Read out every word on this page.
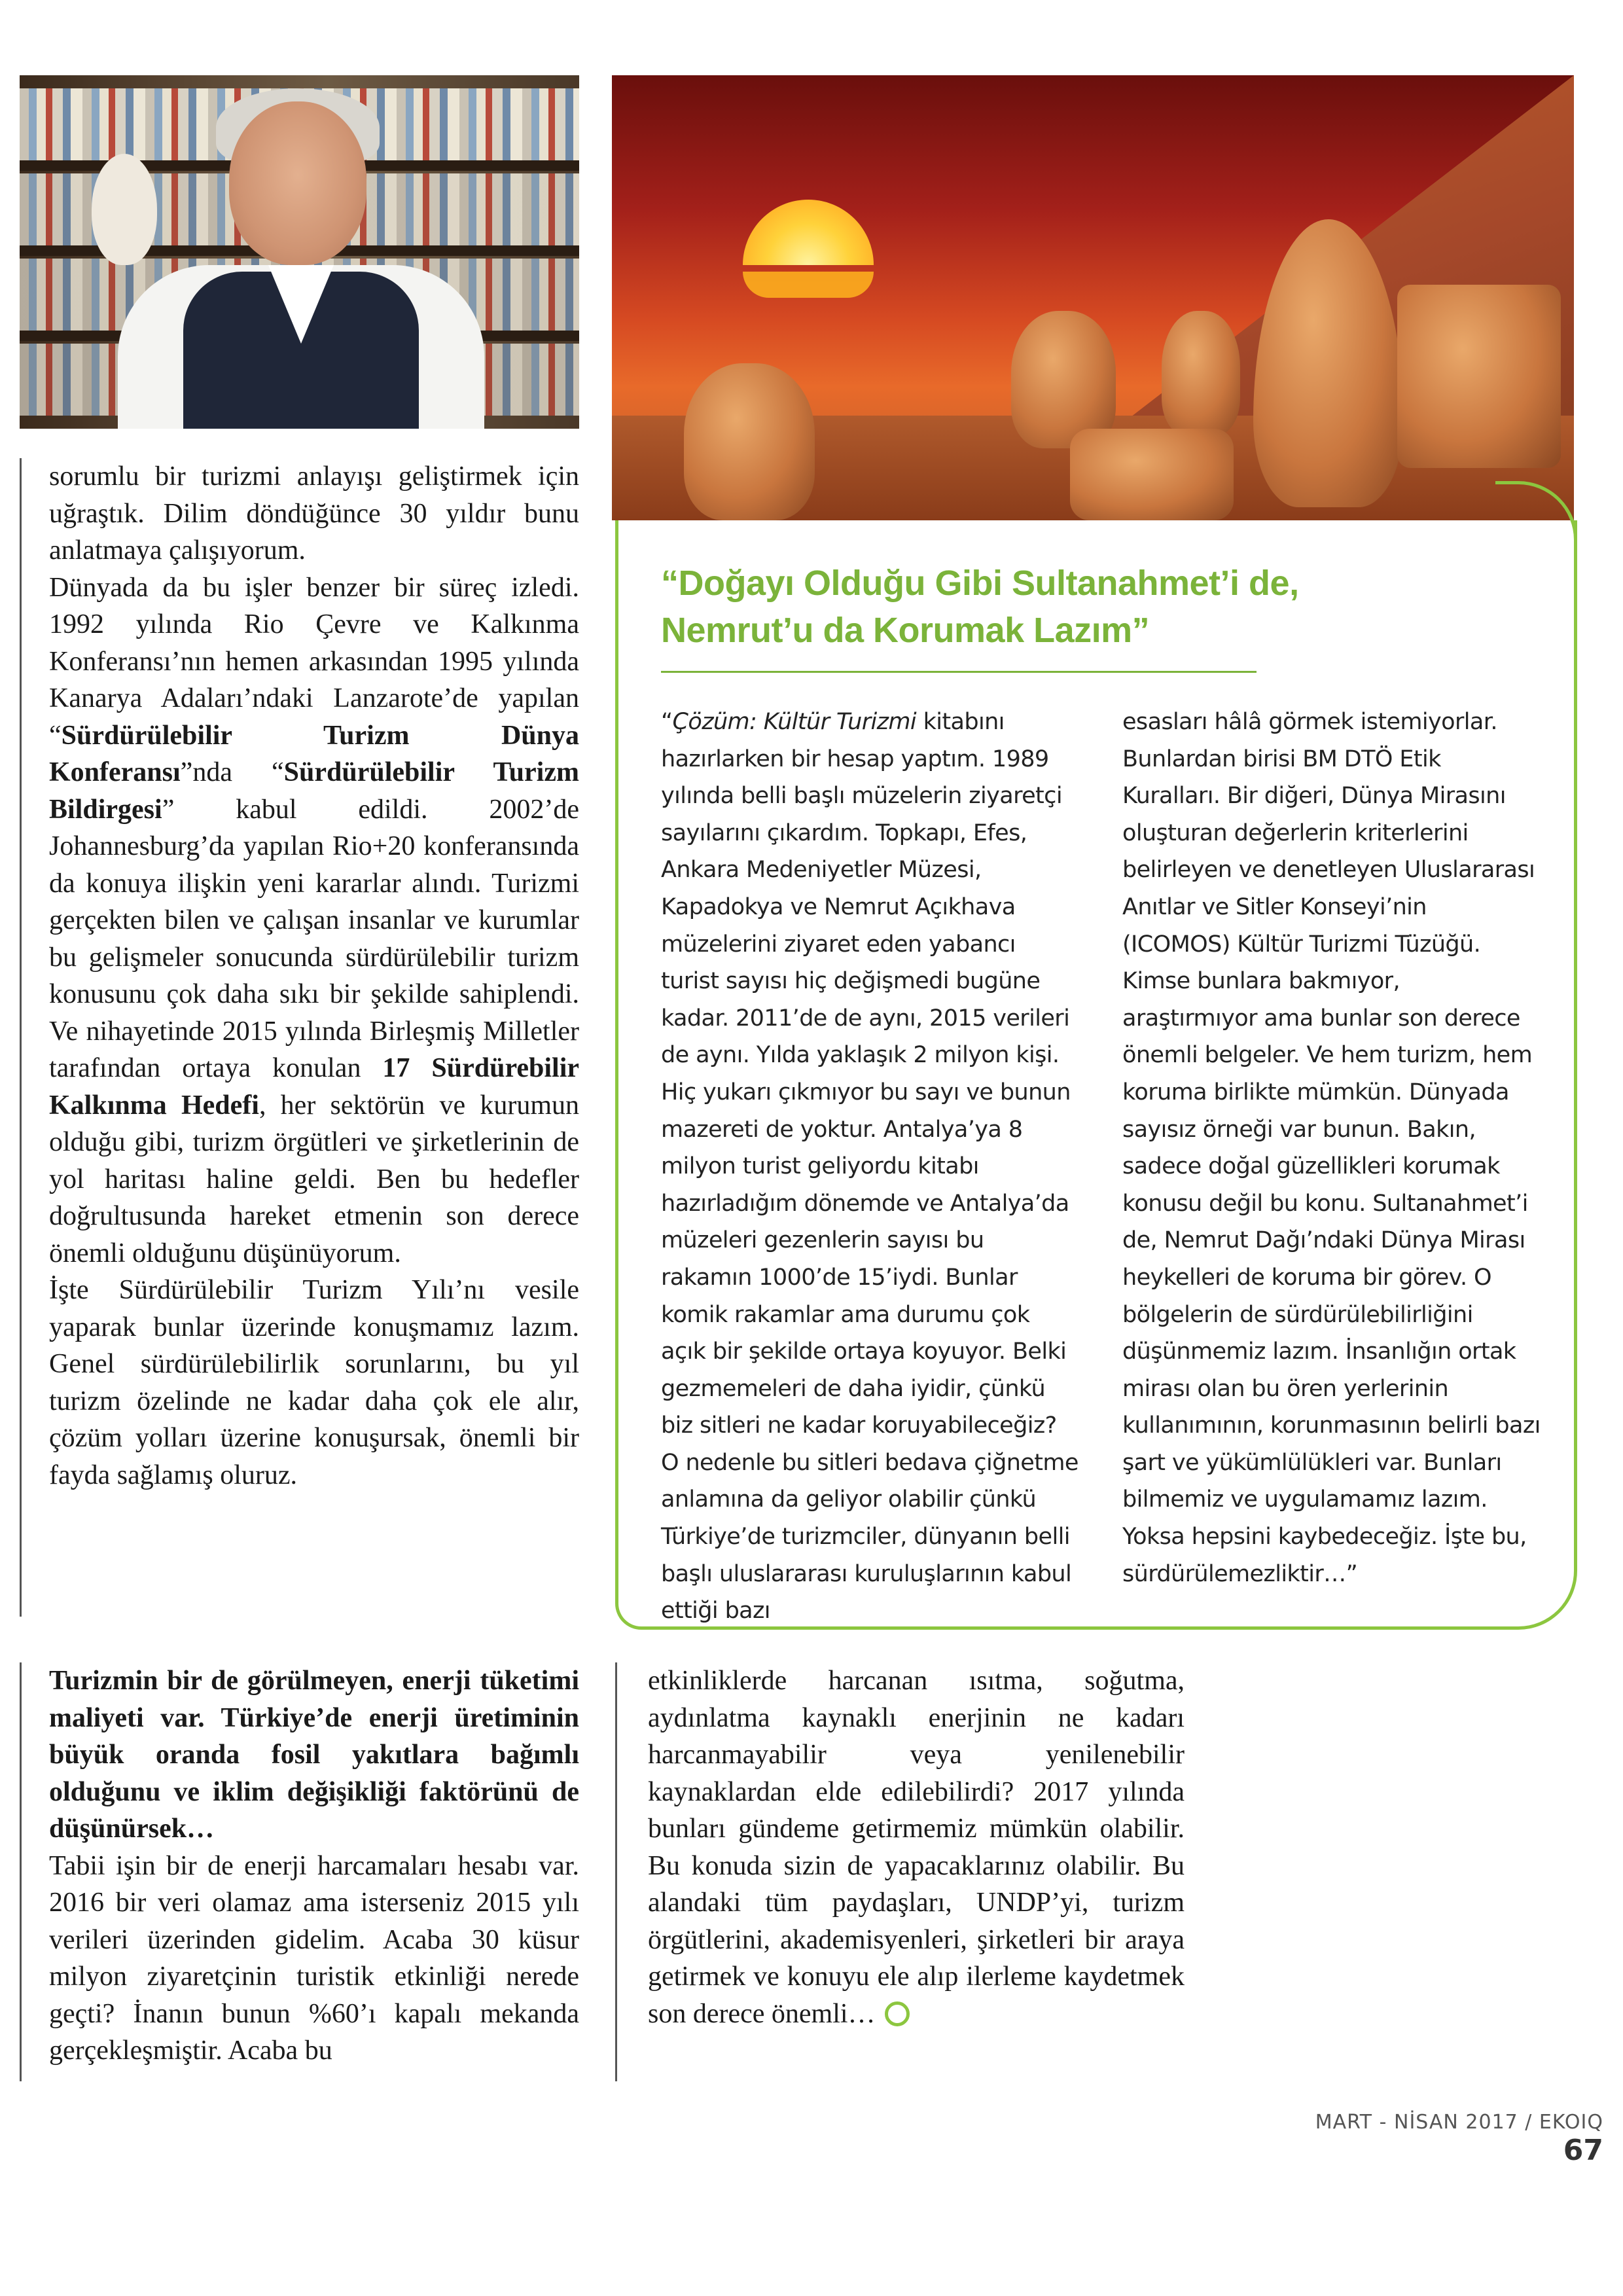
sorumlu bir turizmi anlayışı geliştirmek için uğraştık. Dilim döndüğünce 30 yıldır bunu anlatmaya çalışıyorum.

Dünyada da bu işler benzer bir süreç izledi. 1992 yılında Rio Çevre ve Kalkınma Konferansı’nın hemen arkasından 1995 yılında Kanarya Adaları’ndaki Lanzarote’de yapılan “Sürdürülebilir Turizm Dünya Konferansı”nda “Sürdürülebilir Turizm Bildirgesi” kabul edildi. 2002’de Johannesburg’da yapılan Rio+20 konferansında da konuya ilişkin yeni kararlar alındı. Turizmi gerçekten bilen ve çalışan insanlar ve kurumlar bu gelişmeler sonucunda sürdürülebilir turizm konusunu çok daha sıkı bir şekilde sahiplendi. Ve nihayetinde 2015 yılında Birleşmiş Milletler tarafından ortaya konulan 17 Sürdürebilir Kalkınma Hedefi, her sektörün ve kurumun olduğu gibi, turizm örgütleri ve şirketlerinin de yol haritası haline geldi. Ben bu hedefler doğrultusunda hareket etmenin son derece önemli olduğunu düşünüyorum.

İşte Sürdürülebilir Turizm Yılı’nı vesile yaparak bunlar üzerinde konuşmamız lazım. Genel sürdürülebilirlik sorunlarını, bu yıl turizm özelinde ne kadar daha çok ele alır, çözüm yolları üzerine konuşursak, önemli bir fayda sağlamış oluruz.

“Doğayı Olduğu Gibi Sultanahmet’i de, Nemrut’u da Korumak Lazım”
“Çözüm: Kültür Turizmi kitabını hazırlarken bir hesap yaptım. 1989 yılında belli başlı müzelerin ziyaretçi sayılarını çıkardım. Topkapı, Efes, Ankara Medeniyetler Müzesi, Kapadokya ve Nemrut Açıkhava müzelerini ziyaret eden yabancı turist sayısı hiç değişmedi bugüne kadar. 2011’de de aynı, 2015 verileri de aynı. Yılda yaklaşık 2 milyon kişi. Hiç yukarı çıkmıyor bu sayı ve bunun mazereti de yoktur. Antalya’ya 8 milyon turist geliyordu kitabı hazırladığım dönemde ve Antalya’da müzeleri gezenlerin sayısı bu rakamın 1000’de 15’iydi. Bunlar komik rakamlar ama durumu çok açık bir şekilde ortaya koyuyor. Belki gezmemeleri de daha iyidir, çünkü biz sitleri ne kadar koruyabileceğiz? O nedenle bu sitleri bedava çiğnetme anlamına da geliyor olabilir çünkü Türkiye’de turizmciler, dünyanın belli başlı uluslararası kuruluşlarının kabul ettiği bazı
esasları hâlâ görmek istemiyorlar. Bunlardan birisi BM DTÖ Etik Kuralları. Bir diğeri, Dünya Mirasını oluşturan değerlerin kriterlerini belirleyen ve denetleyen Uluslararası Anıtlar ve Sitler Konseyi’nin (ICOMOS) Kültür Turizmi Tüzüğü. Kimse bunlara bakmıyor, araştırmıyor ama bunlar son derece önemli belgeler. Ve hem turizm, hem koruma birlikte mümkün. Dünyada sayısız örneği var bunun. Bakın, sadece doğal güzellikleri korumak konusu değil bu konu. Sultanahmet’i de, Nemrut Dağı’ndaki Dünya Mirası heykelleri de koruma bir görev. O bölgelerin de sürdürülebilirliğini düşünmemiz lazım. İnsanlığın ortak mirası olan bu ören yerlerinin kullanımının, korunmasının belirli bazı şart ve yükümlülükleri var. Bunları bilmemiz ve uygulamamız lazım. Yoksa hepsini kaybedeceğiz. İşte bu, sürdürülemezliktir…”

Turizmin bir de görülmeyen, enerji tüketimi maliyeti var. Türkiye’de enerji üretiminin büyük oranda fosil yakıtlara bağımlı olduğunu ve iklim değişikliği faktörünü de düşünürsek…

Tabii işin bir de enerji harcamaları hesabı var. 2016 bir veri olamaz ama isterseniz 2015 yılı verileri üzerinden gidelim. Acaba 30 küsur milyon ziyaretçinin turistik etkinliği nerede geçti? İnanın bunun %60’ı kapalı mekanda gerçekleşmiştir. Acaba bu

etkinliklerde harcanan ısıtma, soğutma, aydınlatma kaynaklı enerjinin ne kadarı harcanmayabilir veya yenilenebilir kaynaklardan elde edilebilirdi? 2017 yılında bunları gündeme getirmemiz mümkün olabilir. Bu konuda sizin de yapacaklarınız olabilir. Bu alandaki tüm paydaşları, UNDP’yi, turizm örgütlerini, akademisyenleri, şirketleri bir araya getirmek ve konuyu ele alıp ilerleme kaydetmek son derece önemli…

MART - NİSAN 2017 / EKOIQ 67
